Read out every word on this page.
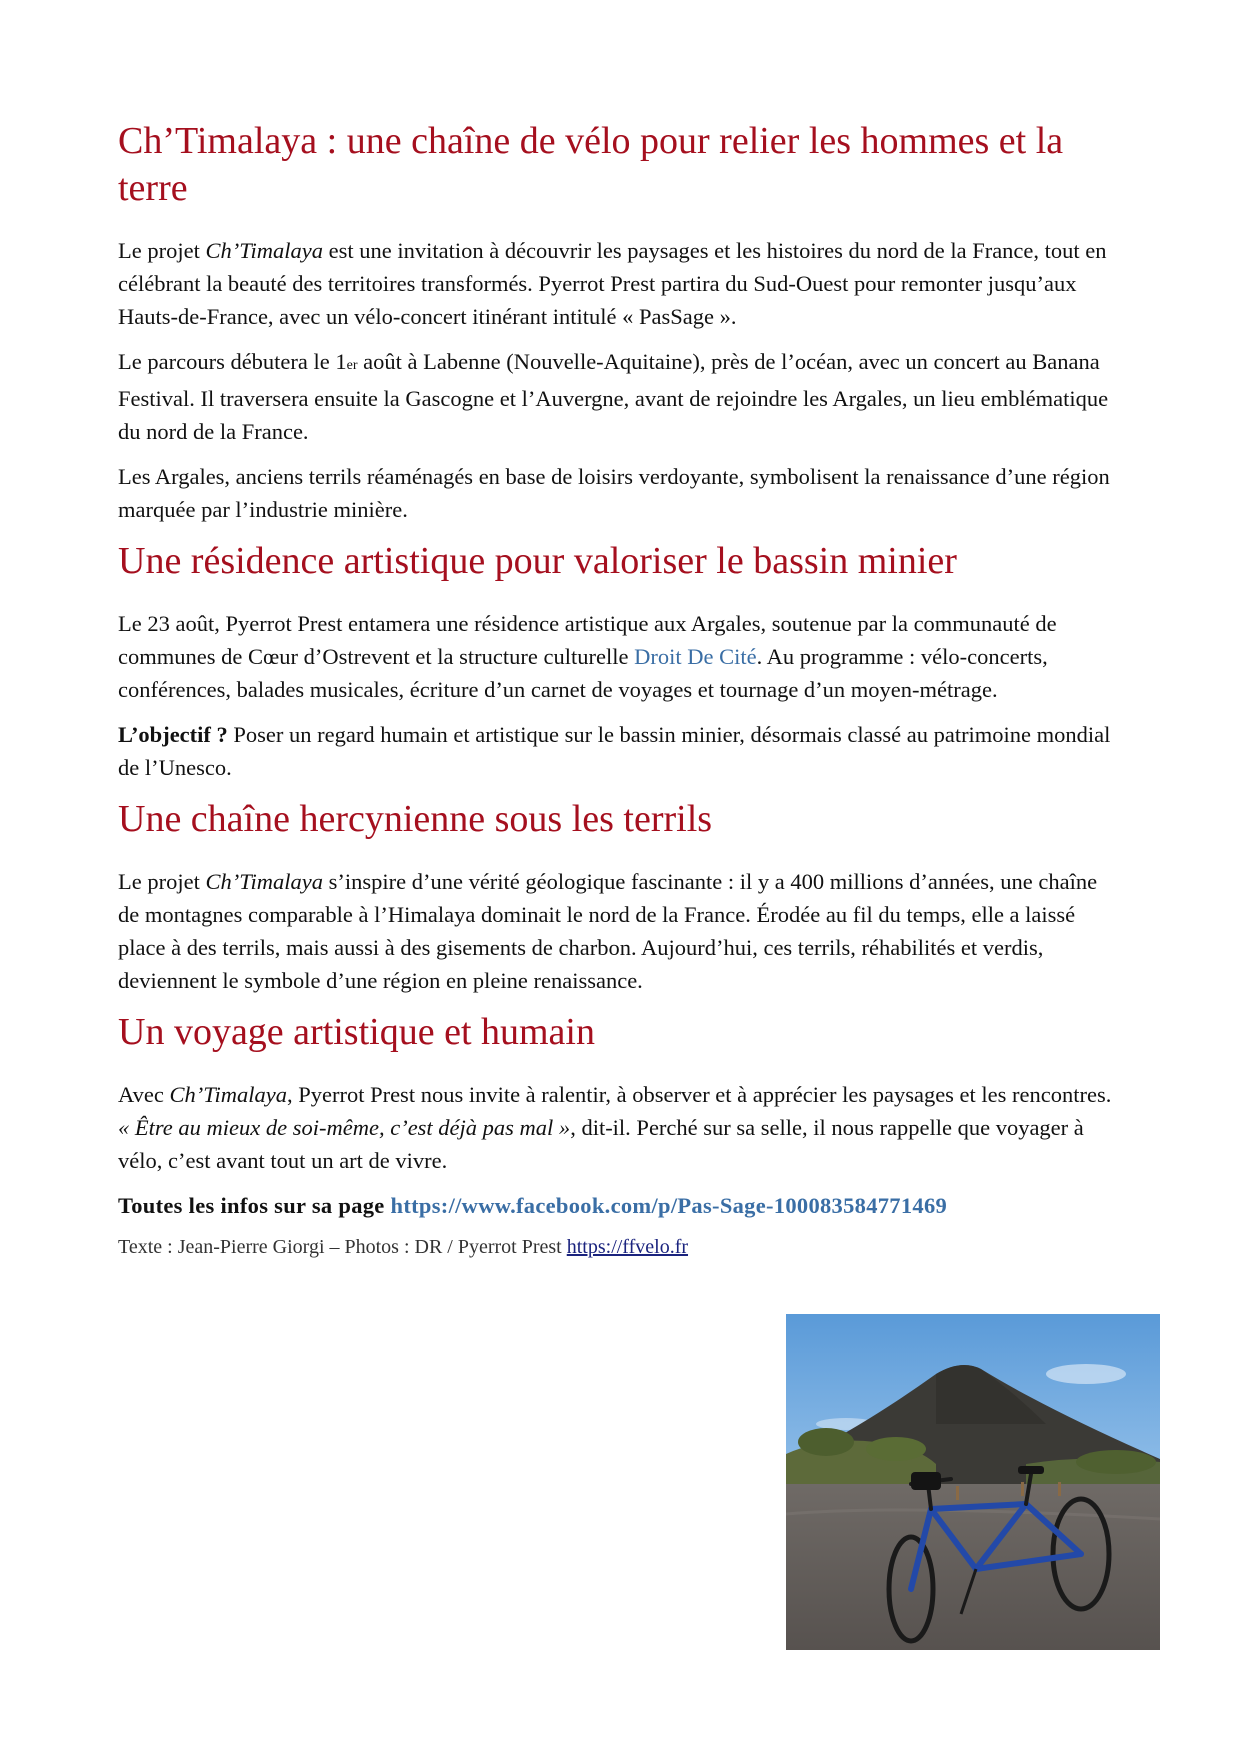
Ch’Timalaya : une chaîne de vélo pour relier les hommes et la terre

Le projet Ch’Timalaya est une invitation à découvrir les paysages et les histoires du nord de la France, tout en célébrant la beauté des territoires transformés. Pyerrot Prest partira du Sud-Ouest pour remonter jusqu’aux Hauts-de-France, avec un vélo-concert itinérant intitulé « PasSage ».

Le parcours débutera le 1er août à Labenne (Nouvelle-Aquitaine), près de l’océan, avec un concert au Banana Festival. Il traversera ensuite la Gascogne et l’Auvergne, avant de rejoindre les Argales, un lieu emblématique du nord de la France.

Les Argales, anciens terrils réaménagés en base de loisirs verdoyante, symbolisent la renaissance d’une région marquée par l’industrie minière.

Une résidence artistique pour valoriser le bassin minier

Le 23 août, Pyerrot Prest entamera une résidence artistique aux Argales, soutenue par la communauté de communes de Cœur d’Ostrevent et la structure culturelle Droit De Cité. Au programme : vélo-concerts, conférences, balades musicales, écriture d’un carnet de voyages et tournage d’un moyen-métrage.

L’objectif ? Poser un regard humain et artistique sur le bassin minier, désormais classé au patrimoine mondial de l’Unesco.

Une chaîne hercynienne sous les terrils

Le projet Ch’Timalaya s’inspire d’une vérité géologique fascinante : il y a 400 millions d’années, une chaîne de montagnes comparable à l’Himalaya dominait le nord de la France. Érodée au fil du temps, elle a laissé place à des terrils, mais aussi à des gisements de charbon. Aujourd’hui, ces terrils, réhabilités et verdis, deviennent le symbole d’une région en pleine renaissance.

Un voyage artistique et humain

Avec Ch’Timalaya, Pyerrot Prest nous invite à ralentir, à observer et à apprécier les paysages et les rencontres. « Être au mieux de soi-même, c’est déjà pas mal », dit-il. Perché sur sa selle, il nous rappelle que voyager à vélo, c’est avant tout un art de vivre.

Toutes les infos sur sa page https://www.facebook.com/p/Pas-Sage-100083584771469

Texte : Jean-Pierre Giorgi – Photos : DR / Pyerrot Prest https://ffvelo.fr
